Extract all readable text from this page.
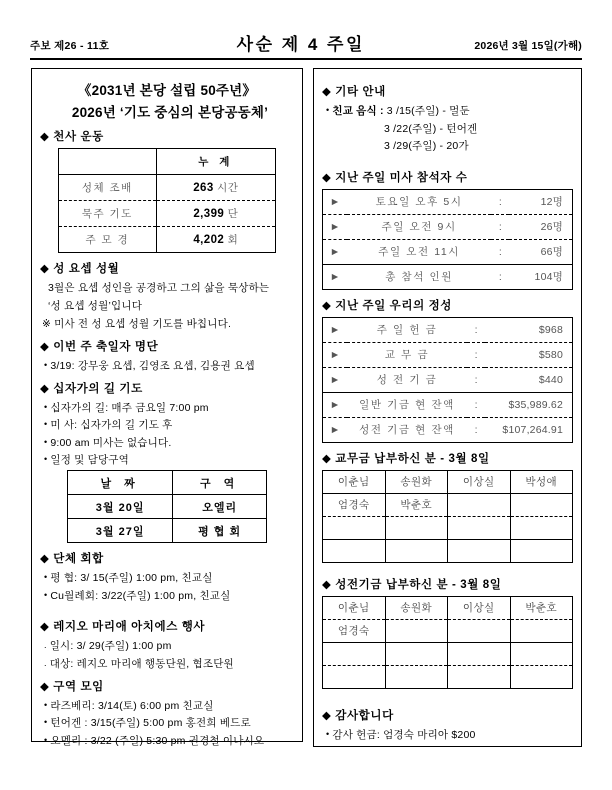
주보 제26 - 11호	사순 제 4 주일	2026년 3월 15일(가해)
《2031년 본당 설립 50주년》
2026년 ‘기도 중심의 본당공동체’
◆ 천사 운동
	누 계
성체 조배	263 시간
묵주 기도	2,399 단
주 모 경	4,202 회
◆ 성 요셉 성월
3월은 요셉 성인을 공경하고 그의 삶을 묵상하는
‘성 요셉 성월’입니다
※ 미사 전 성 요셉 성월 기도를 바칩니다.
◆ 이번 주 축일자 명단
• 3/19: 강무웅 요셉, 김영조 요셉, 김용권 요셉
◆ 십자가의 길 기도
• 십자가의 길: 매주 금요일 7:00 pm
• 미 사: 십자가의 길 기도 후
• 9:00 am 미사는 없습니다.
• 일정 및 담당구역
날 짜	구 역
3월 20일	오엘리
3월 27일	평 협 회
◆ 단체 회합
• 평 협: 3/ 15(주일) 1:00 pm, 친교실
• Cu월례회: 3/22(주일) 1:00 pm, 친교실
◆ 레지오 마리애 아치에스 행사
. 일시: 3/ 29(주일) 1:00 pm
. 대상: 레지오 마리애 행동단원, 협조단원
◆ 구역 모임
• 라즈베리: 3/14(토) 6:00 pm 친교실
• 턴어겐 : 3/15(주일) 5:00 pm 홍전희 베드로
• 오멜리 : 3/22 (주일) 5:30 pm 권경철 이나시오
◆ 기타 안내
• 친교 음식 : 3 /15(주일) - 멀둔
3 /22(주일) - 턴어겐
3 /29(주일) - 20가
◆ 지난 주일 미사 참석자 수
►	토요일 오후 5시	:	12명
►	주일 오전 9시	:	26명
►	주일 오전 11시	:	66명
►	총 참석 인원	:	104명
◆ 지난 주일 우리의 정성
►	주 일 헌 금	:	$968
►	교 무 금	:	$580
►	성 전 기 금	:	$440
►	일반 기금 현 잔액	:	$35,989.62
►	성전 기금 현 잔액	:	$107,264.91
◆ 교무금 납부하신 분 - 3월 8일
이춘님	송원화	이상실	박성애
엄경숙	박춘호		

◆ 성전기금 납부하신 분 - 3월 8일
이춘님	송원화	이상실	박춘호
엄경숙			

◆ 감사합니다
• 감사 헌금: 엄경숙 마리아 $200
